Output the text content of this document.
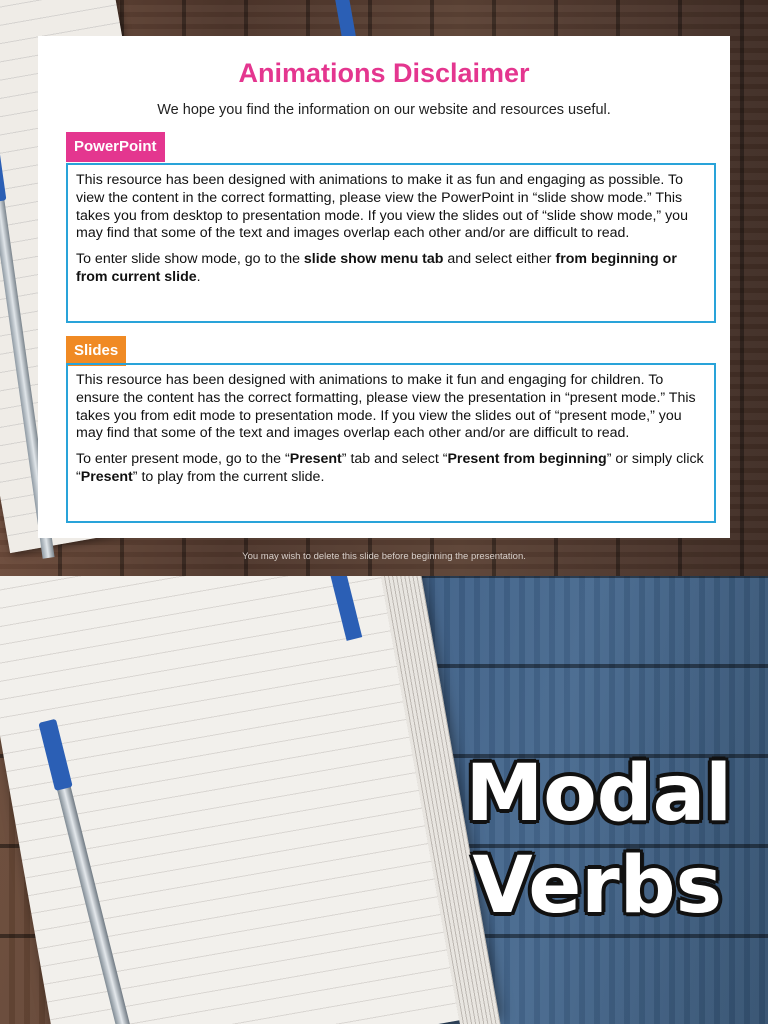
Animations Disclaimer
We hope you find the information on our website and resources useful.
PowerPoint

This resource has been designed with animations to make it as fun and engaging as possible. To view the content in the correct formatting, please view the PowerPoint in “slide show mode.” This takes you from desktop to presentation mode. If you view the slides out of “slide show mode,” you may find that some of the text and images overlap each other and/or are difficult to read.

To enter slide show mode, go to the slide show menu tab and select either from beginning or from current slide.

Slides

This resource has been designed with animations to make it fun and engaging for children. To ensure the content has the correct formatting, please view the presentation in “present mode.” This takes you from edit mode to presentation mode. If you view the slides out of “present mode,” you may find that some of the text and images overlap each other and/or are difficult to read.

To enter present mode, go to the “Present” tab and select “Present from beginning” or simply click “Present” to play from the current slide.

You may wish to delete this slide before beginning the presentation.
Modal
Verbs
